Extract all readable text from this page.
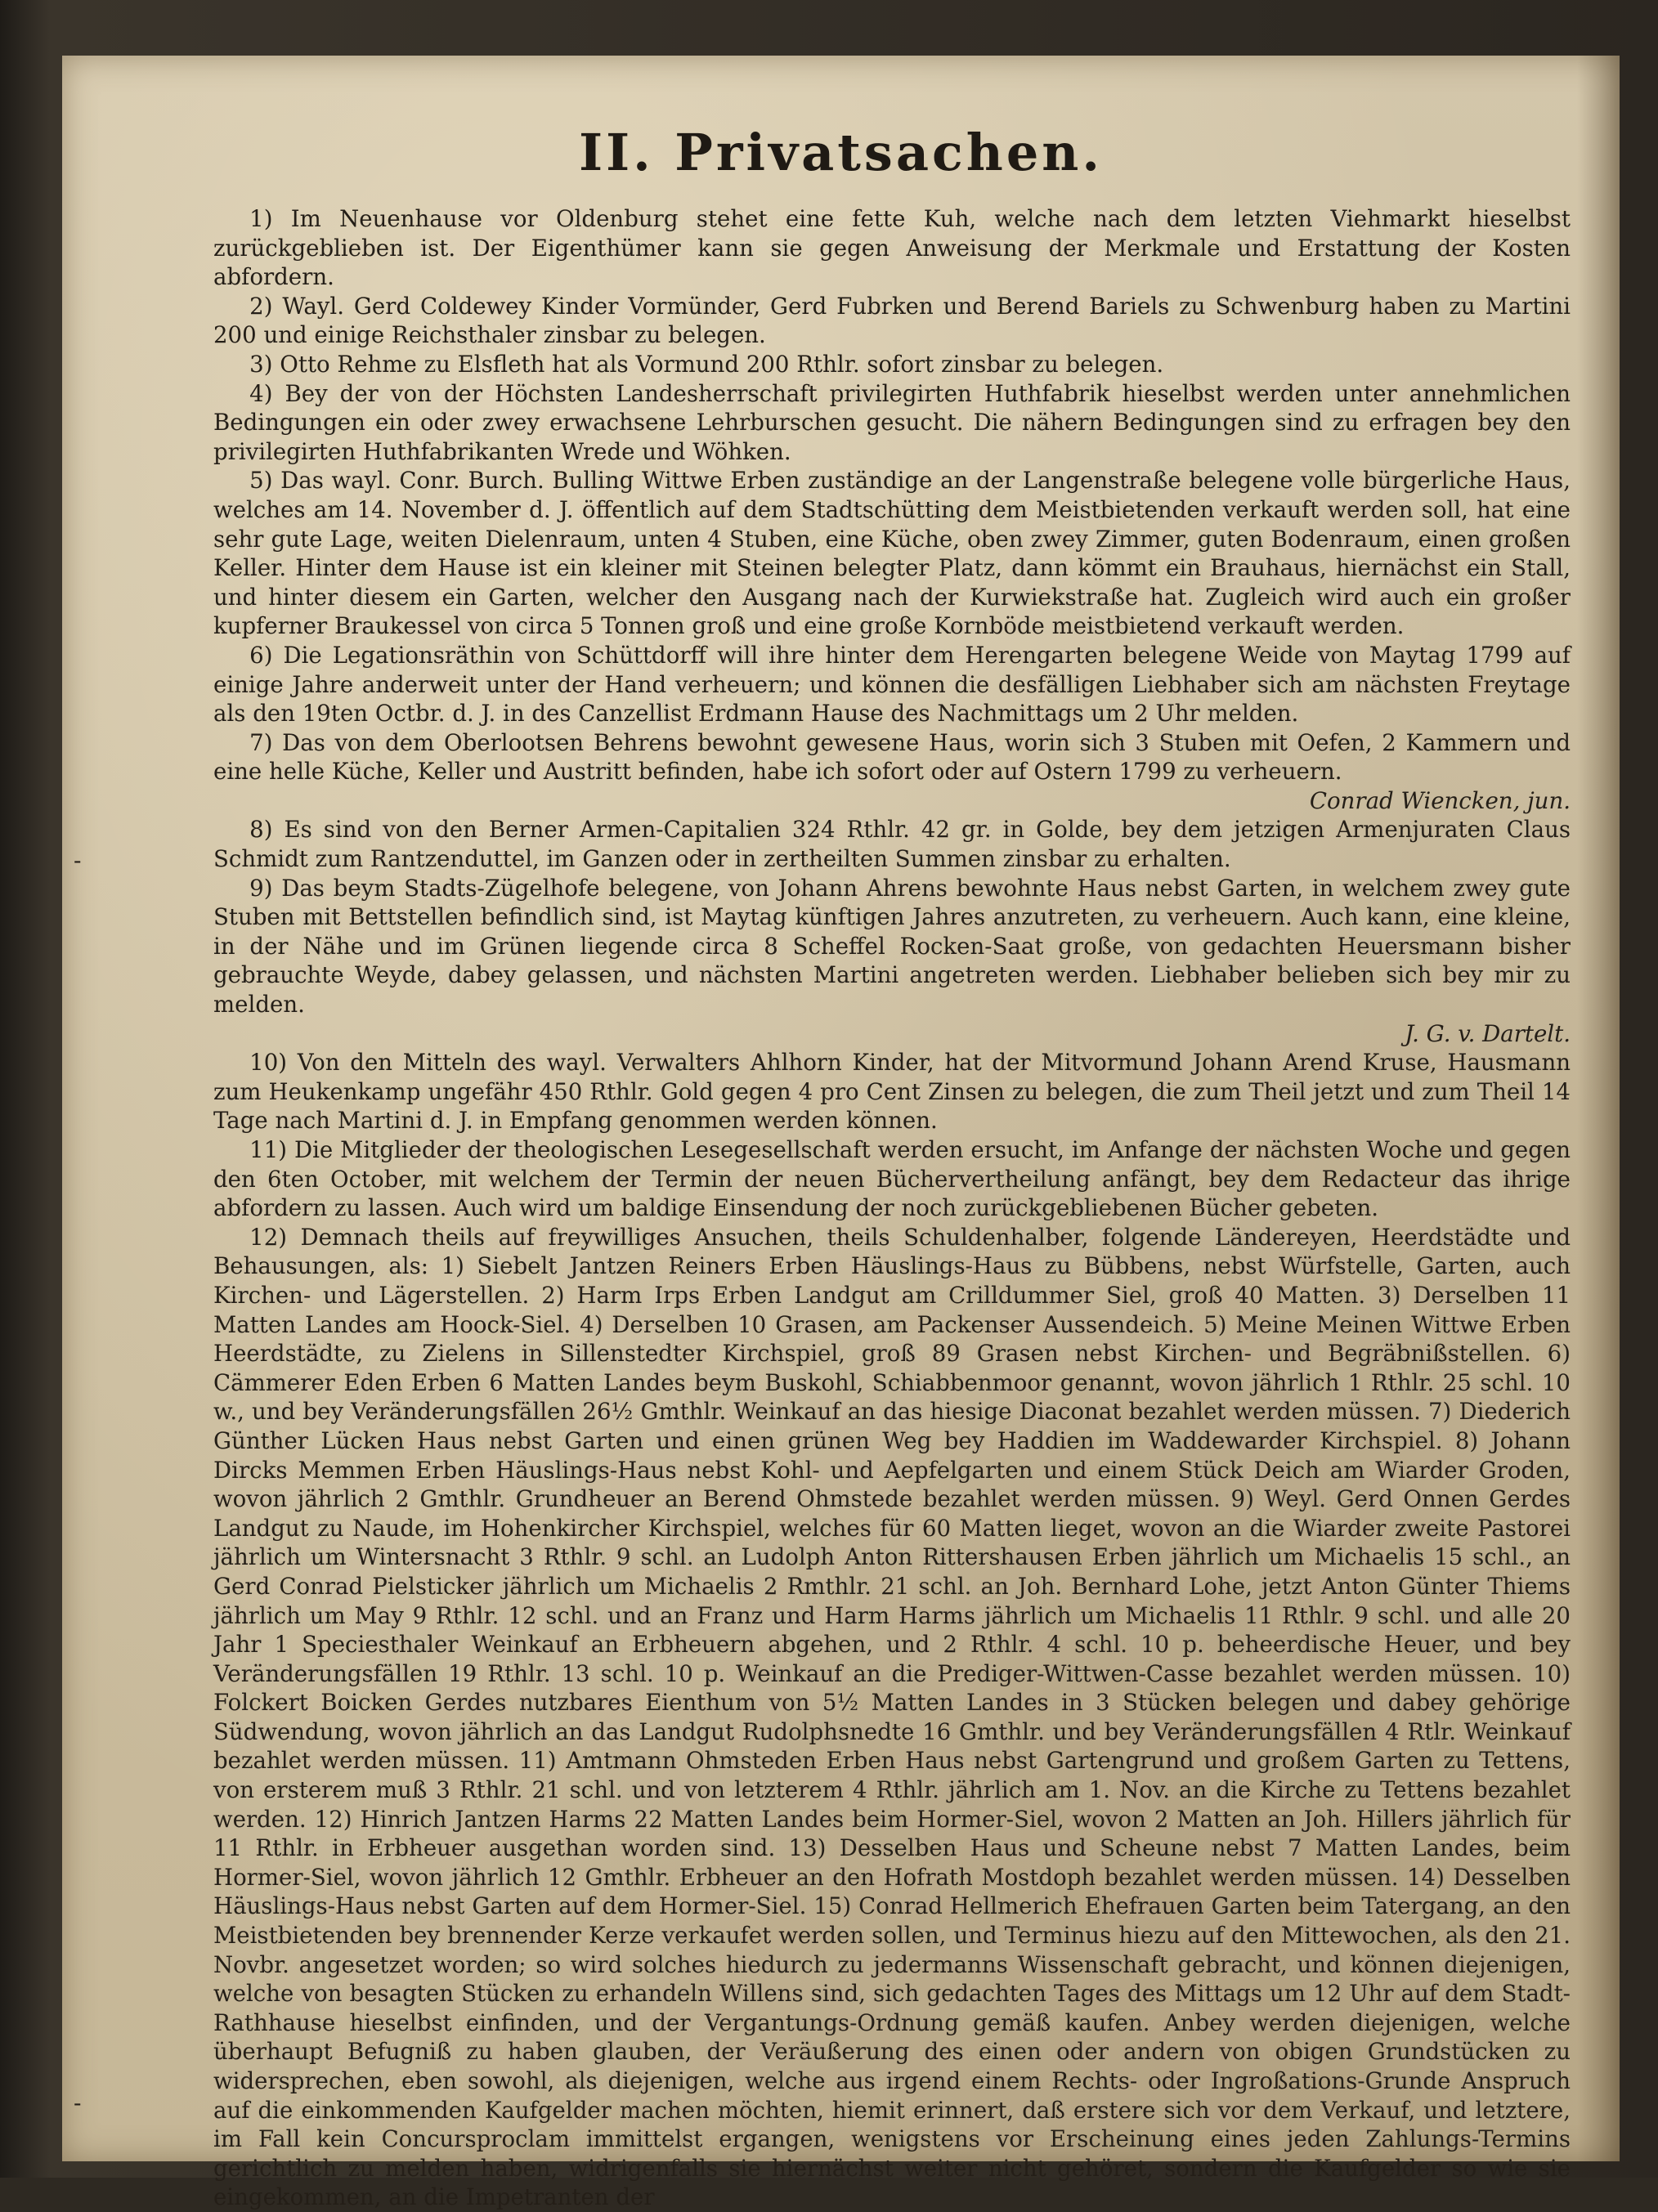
-
-
II. Privatsachen.

1) Im Neuenhause vor Oldenburg stehet eine fette Kuh, welche nach dem letzten Viehmarkt hieselbst zurückgeblieben ist. Der Eigenthümer kann sie gegen Anweisung der Merkmale und Erstattung der Kosten abfordern.

2) Wayl. Gerd Coldewey Kinder Vormünder, Gerd Fubrken und Berend Bariels zu Schwenburg haben zu Martini 200 und einige Reichsthaler zinsbar zu belegen.

3) Otto Rehme zu Elsfleth hat als Vormund 200 Rthlr. sofort zinsbar zu belegen.

4) Bey der von der Höchsten Landesherrschaft privilegirten Huthfabrik hieselbst werden unter annehmlichen Bedingungen ein oder zwey erwachsene Lehrburschen gesucht. Die nähern Bedingungen sind zu erfragen bey den privilegirten Huthfabrikanten Wrede und Wöhken.

5) Das wayl. Conr. Burch. Bulling Wittwe Erben zuständige an der Langenstraße belegene volle bürgerliche Haus, welches am 14. November d. J. öffentlich auf dem Stadtschütting dem Meistbietenden verkauft werden soll, hat eine sehr gute Lage, weiten Dielenraum, unten 4 Stuben, eine Küche, oben zwey Zimmer, guten Bodenraum, einen großen Keller. Hinter dem Hause ist ein kleiner mit Steinen belegter Platz, dann kömmt ein Brauhaus, hiernächst ein Stall, und hinter diesem ein Garten, welcher den Ausgang nach der Kurwiekstraße hat. Zugleich wird auch ein großer kupferner Braukessel von circa 5 Tonnen groß und eine große Kornböde meistbietend verkauft werden.

6) Die Legationsräthin von Schüttdorff will ihre hinter dem Herengarten belegene Weide von Maytag 1799 auf einige Jahre anderweit unter der Hand verheuern; und können die desfälligen Liebhaber sich am nächsten Freytage als den 19ten Octbr. d. J. in des Canzellist Erdmann Hause des Nachmittags um 2 Uhr melden.

7) Das von dem Oberlootsen Behrens bewohnt gewesene Haus, worin sich 3 Stuben mit Oefen, 2 Kammern und eine helle Küche, Keller und Austritt befinden, habe ich sofort oder auf Ostern 1799 zu verheuern.

Conrad Wiencken, jun.

8) Es sind von den Berner Armen-Capitalien 324 Rthlr. 42 gr. in Golde, bey dem jetzigen Armenjuraten Claus Schmidt zum Rantzenduttel, im Ganzen oder in zertheilten Summen zinsbar zu erhalten.

9) Das beym Stadts-Zügelhofe belegene, von Johann Ahrens bewohnte Haus nebst Garten, in welchem zwey gute Stuben mit Bettstellen befindlich sind, ist Maytag künftigen Jahres anzutreten, zu verheuern. Auch kann, eine kleine, in der Nähe und im Grünen liegende circa 8 Scheffel Rocken-Saat große, von gedachten Heuersmann bisher gebrauchte Weyde, dabey gelassen, und nächsten Martini angetreten werden. Liebhaber belieben sich bey mir zu melden.

J. G. v. Dartelt.

10) Von den Mitteln des wayl. Verwalters Ahlhorn Kinder, hat der Mitvormund Johann Arend Kruse, Hausmann zum Heukenkamp ungefähr 450 Rthlr. Gold gegen 4 pro Cent Zinsen zu belegen, die zum Theil jetzt und zum Theil 14 Tage nach Martini d. J. in Empfang genommen werden können.

11) Die Mitglieder der theologischen Lesegesellschaft werden ersucht, im Anfange der nächsten Woche und gegen den 6ten October, mit welchem der Termin der neuen Büchervertheilung anfängt, bey dem Redacteur das ihrige abfordern zu lassen. Auch wird um baldige Einsendung der noch zurückgebliebenen Bücher gebeten.

12) Demnach theils auf freywilliges Ansuchen, theils Schuldenhalber, folgende Ländereyen, Heerdstädte und Behausungen, als: 1) Siebelt Jantzen Reiners Erben Häuslings-Haus zu Bübbens, nebst Würfstelle, Garten, auch Kirchen- und Lägerstellen. 2) Harm Irps Erben Landgut am Crilldummer Siel, groß 40 Matten. 3) Derselben 11 Matten Landes am Hoock-Siel. 4) Derselben 10 Grasen, am Packenser Aussendeich. 5) Meine Meinen Wittwe Erben Heerdstädte, zu Zielens in Sillenstedter Kirchspiel, groß 89 Grasen nebst Kirchen- und Begräbnißstellen. 6) Cämmerer Eden Erben 6 Matten Landes beym Buskohl, Schiabbenmoor genannt, wovon jährlich 1 Rthlr. 25 schl. 10 w., und bey Veränderungsfällen 26½ Gmthlr. Weinkauf an das hiesige Diaconat bezahlet werden müssen. 7) Diederich Günther Lücken Haus nebst Garten und einen grünen Weg bey Haddien im Waddewarder Kirchspiel. 8) Johann Dircks Memmen Erben Häuslings-Haus nebst Kohl- und Aepfelgarten und einem Stück Deich am Wiarder Groden, wovon jährlich 2 Gmthlr. Grundheuer an Berend Ohmstede bezahlet werden müssen. 9) Weyl. Gerd Onnen Gerdes Landgut zu Naude, im Hohenkircher Kirchspiel, welches für 60 Matten lieget, wovon an die Wiarder zweite Pastorei jährlich um Wintersnacht 3 Rthlr. 9 schl. an Ludolph Anton Rittershausen Erben jährlich um Michaelis 15 schl., an Gerd Conrad Pielsticker jährlich um Michaelis 2 Rmthlr. 21 schl. an Joh. Bernhard Lohe, jetzt Anton Günter Thiems jährlich um May 9 Rthlr. 12 schl. und an Franz und Harm Harms jährlich um Michaelis 11 Rthlr. 9 schl. und alle 20 Jahr 1 Speciesthaler Weinkauf an Erbheuern abgehen, und 2 Rthlr. 4 schl. 10 p. beheerdische Heuer, und bey Veränderungsfällen 19 Rthlr. 13 schl. 10 p. Weinkauf an die Prediger-Wittwen-Casse bezahlet werden müssen. 10) Folckert Boicken Gerdes nutzbares Eienthum von 5½ Matten Landes in 3 Stücken belegen und dabey gehörige Südwendung, wovon jährlich an das Landgut Rudolphsnedte 16 Gmthlr. und bey Veränderungsfällen 4 Rtlr. Weinkauf bezahlet werden müssen. 11) Amtmann Ohmsteden Erben Haus nebst Gartengrund und großem Garten zu Tettens, von ersterem muß 3 Rthlr. 21 schl. und von letzterem 4 Rthlr. jährlich am 1. Nov. an die Kirche zu Tettens bezahlet werden. 12) Hinrich Jantzen Harms 22 Matten Landes beim Hormer-Siel, wovon 2 Matten an Joh. Hillers jährlich für 11 Rthlr. in Erbheuer ausgethan worden sind. 13) Desselben Haus und Scheune nebst 7 Matten Landes, beim Hormer-Siel, wovon jährlich 12 Gmthlr. Erbheuer an den Hofrath Mostdoph bezahlet werden müssen. 14) Desselben Häuslings-Haus nebst Garten auf dem Hormer-Siel. 15) Conrad Hellmerich Ehefrauen Garten beim Tatergang, an den Meistbietenden bey brennender Kerze verkaufet werden sollen, und Terminus hiezu auf den Mittewochen, als den 21. Novbr. angesetzet worden; so wird solches hiedurch zu jedermanns Wissenschaft gebracht, und können diejenigen, welche von besagten Stücken zu erhandeln Willens sind, sich gedachten Tages des Mittags um 12 Uhr auf dem Stadt-Rathhause hieselbst einfinden, und der Vergantungs-Ordnung gemäß kaufen. Anbey werden diejenigen, welche überhaupt Befugniß zu haben glauben, der Veräußerung des einen oder andern von obigen Grundstücken zu widersprechen, eben sowohl, als diejenigen, welche aus irgend einem Rechts- oder Ingroßations-Grunde Anspruch auf die einkommenden Kaufgelder machen möchten, hiemit erinnert, daß erstere sich vor dem Verkauf, und letztere, im Fall kein Concursproclam immittelst ergangen, wenigstens vor Erscheinung eines jeden Zahlungs-Termins gerichtlich zu melden haben, widrigenfalls sie hiernächst weiter nicht gehöret, sondern die Kaufgelder so wie sie eingekommen, an die Impetranten der
